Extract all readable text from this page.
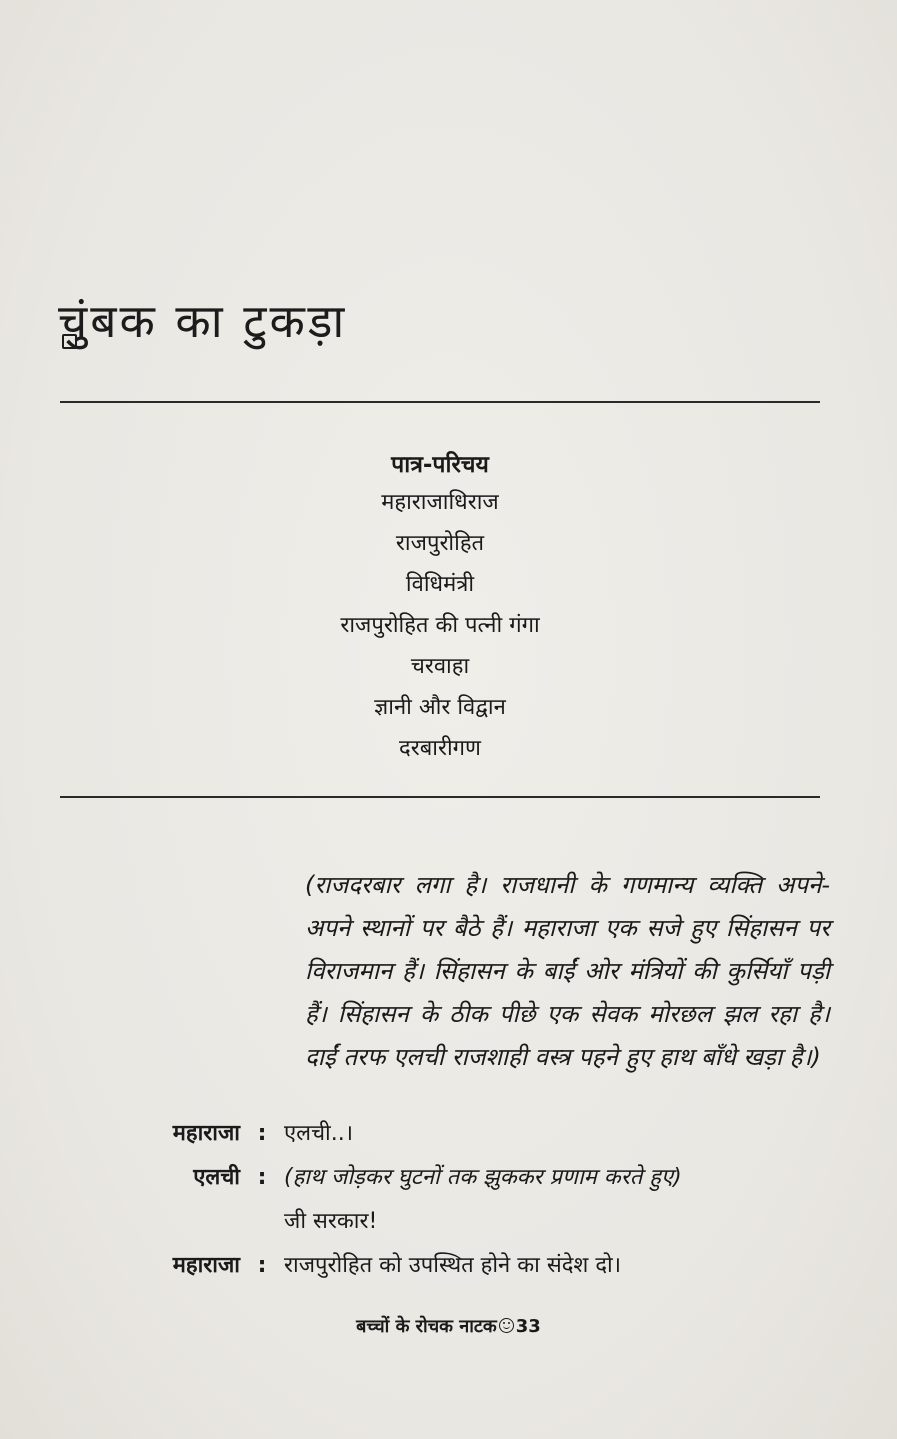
चुंबक का टुकड़ा

पात्र-परिचय

महाराजाधिराज
राजपुरोहित
विधिमंत्री
राजपुरोहित की पत्नी गंगा
चरवाहा
ज्ञानी और विद्वान
दरबारीगण

(राजदरबार लगा है। राजधानी के गणमान्य व्यक्ति अपने-अपने स्थानों पर बैठे हैं। महाराजा एक सजे हुए सिंहासन पर विराजमान हैं। सिंहासन के बाईं ओर मंत्रियों की कुर्सियाँ पड़ी हैं। सिंहासन के ठीक पीछे एक सेवक मोरछल झल रहा है। दाईं तरफ एलची राजशाही वस्त्र पहने हुए हाथ बाँधे खड़ा है।)

महाराजा : एलची..।
एलची : (हाथ जोड़कर घुटनों तक झुककर प्रणाम करते हुए)
जी सरकार!
महाराजा : राजपुरोहित को उपस्थित होने का संदेश दो।
बच्चों के रोचक नाटक 33
